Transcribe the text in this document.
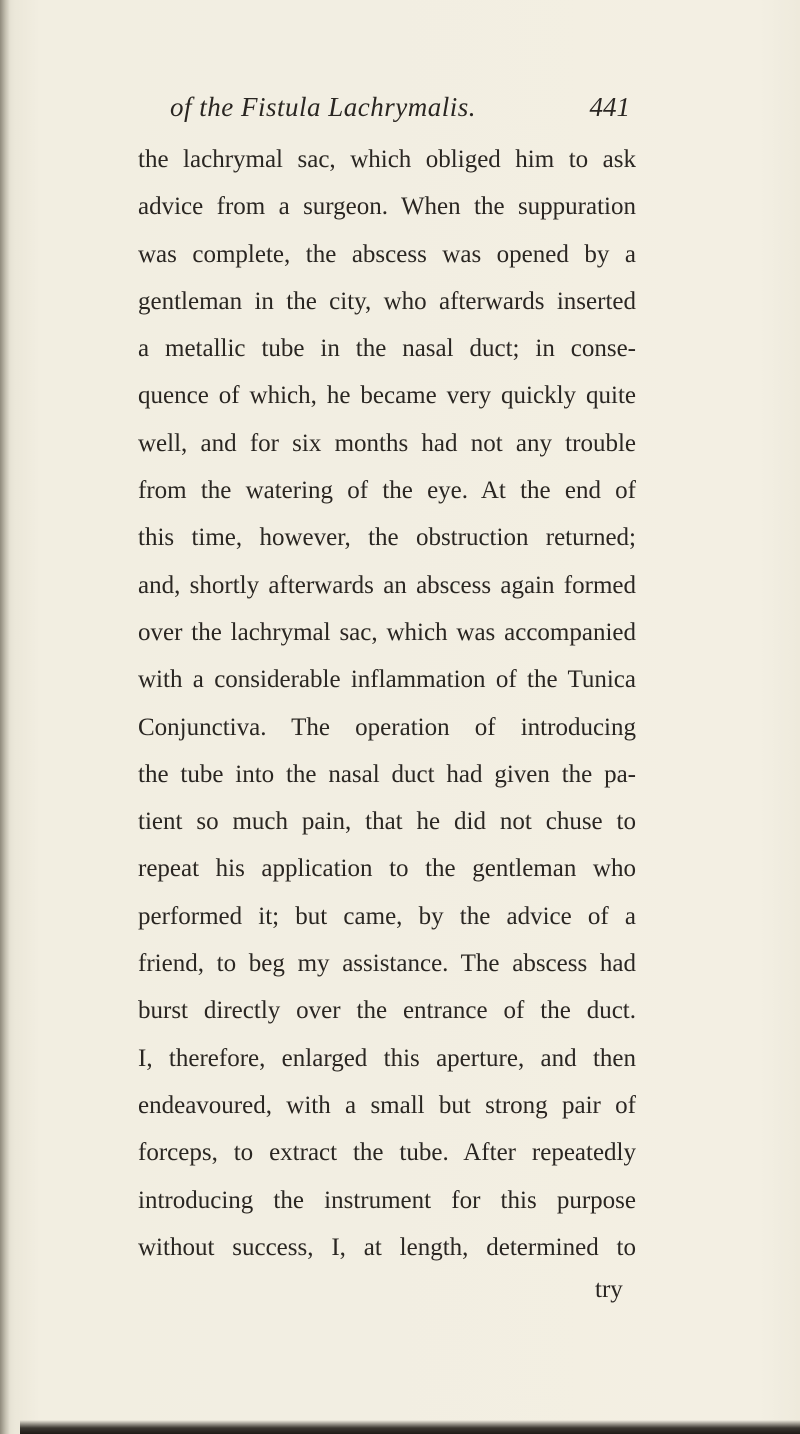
of the Fistula Lachrymalis.	441
the lachrymal sac, which obliged him to ask
advice from a surgeon. When the suppuration
was complete, the abscess was opened by a
gentleman in the city, who afterwards inserted
a metallic tube in the nasal duct; in conse-
quence of which, he became very quickly quite
well, and for six months had not any trouble
from the watering of the eye. At the end of
this time, however, the obstruction returned;
and, shortly afterwards an abscess again formed
over the lachrymal sac, which was accompanied
with a considerable inflammation of the Tunica
Conjunctiva. The operation of introducing
the tube into the nasal duct had given the pa-
tient so much pain, that he did not chuse to
repeat his application to the gentleman who
performed it; but came, by the advice of a
friend, to beg my assistance. The abscess had
burst directly over the entrance of the duct.
I, therefore, enlarged this aperture, and then
endeavoured, with a small but strong pair of
forceps, to extract the tube. After repeatedly
introducing the instrument for this purpose
without success, I, at length, determined to
try
